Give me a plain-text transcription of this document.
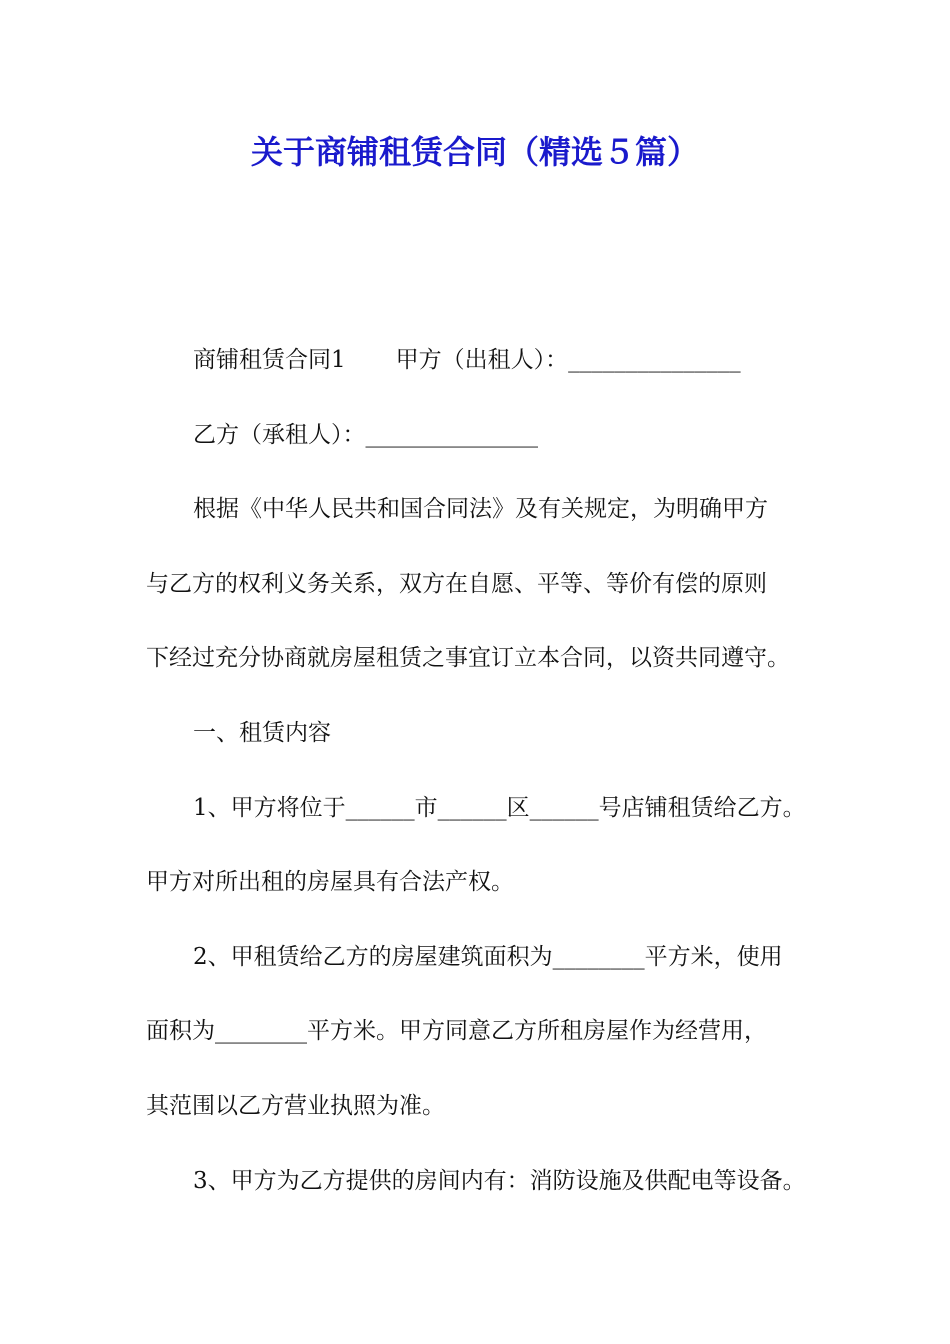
关于商铺租赁合同（精选５篇）

商铺租赁合同1 甲方（出租人）：_______________

乙方（承租人）：_______________

根据《中华人民共和国合同法》及有关规定，为明确甲方

与乙方的权利义务关系，双方在自愿、平等、等价有偿的原则

下经过充分协商就房屋租赁之事宜订立本合同，以资共同遵守。

一、租赁内容

1、甲方将位于______市______区______号店铺租赁给乙方。

甲方对所出租的房屋具有合法产权。

2、甲租赁给乙方的房屋建筑面积为________平方米，使用

面积为________平方米。甲方同意乙方所租房屋作为经营用，

其范围以乙方营业执照为准。

3、甲方为乙方提供的房间内有：消防设施及供配电等设备。
